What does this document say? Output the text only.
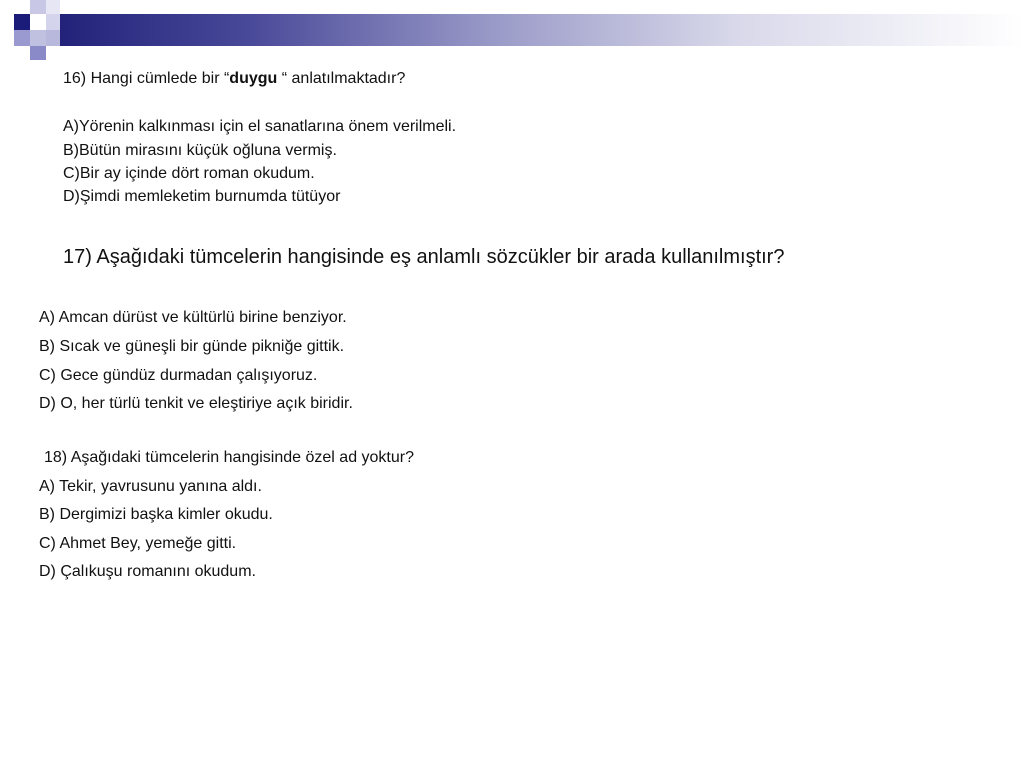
16) Hangi cümlede bir “duygu “ anlatılmaktadır?
A)Yörenin kalkınması için el sanatlarına önem verilmeli.
B)Bütün mirasını küçük oğluna vermiş.
C)Bir ay içinde dört roman okudum.
D)Şimdi memleketim burnumda tütüyor
17) Aşağıdaki tümcelerin hangisinde eş anlamlı sözcükler bir arada kullanılmıştır?
A) Amcan dürüst ve kültürlü birine benziyor.
B) Sıcak ve güneşli bir günde pikniğe gittik.
C) Gece gündüz durmadan çalışıyoruz.
D) O, her türlü tenkit ve eleştiriye açık biridir.
18) Aşağıdaki tümcelerin hangisinde özel ad yoktur?
A) Tekir, yavrusunu yanına aldı.
B) Dergimizi başka kimler okudu.
C) Ahmet Bey, yemeğe gitti.
D) Çalıkuşu romanını okudum.
